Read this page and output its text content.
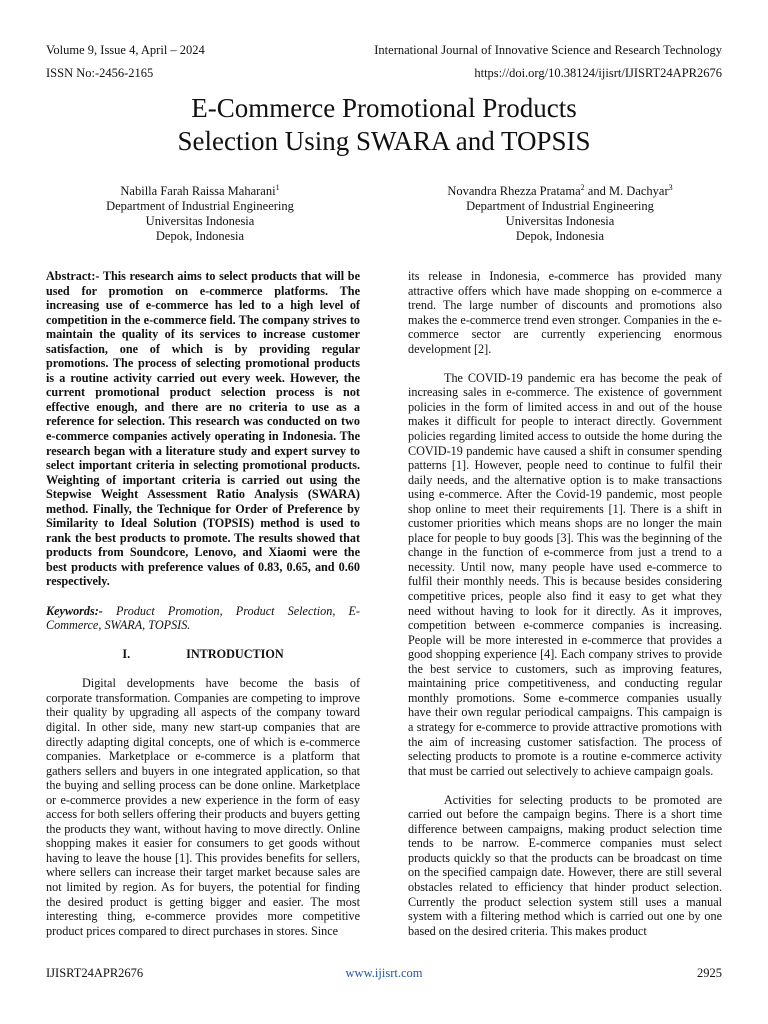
Volume 9, Issue 4, April – 2024	International Journal of Innovative Science and Research Technology
ISSN No:-2456-2165	https://doi.org/10.38124/ijisrt/IJISRT24APR2676
E-Commerce Promotional Products
Selection Using SWARA and TOPSIS

Nabilla Farah Raissa Maharani$^1$

Department of Industrial Engineering

Universitas Indonesia

Depok, Indonesia

Novandra Rhezza Pratama$^2$ and M. Dachyar$^3$

Department of Industrial Engineering

Universitas Indonesia

Depok, Indonesia

Abstract:- This research aims to select products that will be used for promotion on e-commerce platforms. The increasing use of e-commerce has led to a high level of competition in the e-commerce field. The company strives to maintain the quality of its services to increase customer satisfaction, one of which is by providing regular promotions. The process of selecting promotional products is a routine activity carried out every week. However, the current promotional product selection process is not effective enough, and there are no criteria to use as a reference for selection. This research was conducted on two e-commerce companies actively operating in Indonesia. The research began with a literature study and expert survey to select important criteria in selecting promotional products. Weighting of important criteria is carried out using the Stepwise Weight Assessment Ratio Analysis (SWARA) method. Finally, the Technique for Order of Preference by Similarity to Ideal Solution (TOPSIS) method is used to rank the best products to promote. The results showed that products from Soundcore, Lenovo, and Xiaomi were the best products with preference values of 0.83, 0.65, and 0.60 respectively.

Keywords:- Product Promotion, Product Selection, E-Commerce, SWARA, TOPSIS.

I.	INTRODUCTION

Digital developments have become the basis of corporate transformation. Companies are competing to improve their quality by upgrading all aspects of the company toward digital. In other side, many new start-up companies that are directly adapting digital concepts, one of which is e-commerce companies. Marketplace or e-commerce is a platform that gathers sellers and buyers in one integrated application, so that the buying and selling process can be done online. Marketplace or e-commerce provides a new experience in the form of easy access for both sellers offering their products and buyers getting the products they want, without having to move directly. Online shopping makes it easier for consumers to get goods without having to leave the house [1]. This provides benefits for sellers, where sellers can increase their target market because sales are not limited by region. As for buyers, the potential for finding the desired product is getting bigger and easier. The most interesting thing, e-commerce provides more competitive product prices compared to direct purchases in stores. Since

its release in Indonesia, e-commerce has provided many attractive offers which have made shopping on e-commerce a trend. The large number of discounts and promotions also makes the e-commerce trend even stronger. Companies in the e-commerce sector are currently experiencing enormous development [2].

The COVID-19 pandemic era has become the peak of increasing sales in e-commerce. The existence of government policies in the form of limited access in and out of the house makes it difficult for people to interact directly. Government policies regarding limited access to outside the home during the COVID-19 pandemic have caused a shift in consumer spending patterns [1]. However, people need to continue to fulfil their daily needs, and the alternative option is to make transactions using e-commerce. After the Covid-19 pandemic, most people shop online to meet their requirements [1]. There is a shift in customer priorities which means shops are no longer the main place for people to buy goods [3]. This was the beginning of the change in the function of e-commerce from just a trend to a necessity. Until now, many people have used e-commerce to fulfil their monthly needs. This is because besides considering competitive prices, people also find it easy to get what they need without having to look for it directly. As it improves, competition between e-commerce companies is increasing. People will be more interested in e-commerce that provides a good shopping experience [4]. Each company strives to provide the best service to customers, such as improving features, maintaining price competitiveness, and conducting regular monthly promotions. Some e-commerce companies usually have their own regular periodical campaigns. This campaign is a strategy for e-commerce to provide attractive promotions with the aim of increasing customer satisfaction. The process of selecting products to promote is a routine e-commerce activity that must be carried out selectively to achieve campaign goals.

Activities for selecting products to be promoted are carried out before the campaign begins. There is a short time difference between campaigns, making product selection time tends to be narrow. E-commerce companies must select products quickly so that the products can be broadcast on time on the specified campaign date. However, there are still several obstacles related to efficiency that hinder product selection. Currently the product selection system still uses a manual system with a filtering method which is carried out one by one based on the desired criteria. This makes product

IJISRT24APR2676	www.ijisrt.com	2925
